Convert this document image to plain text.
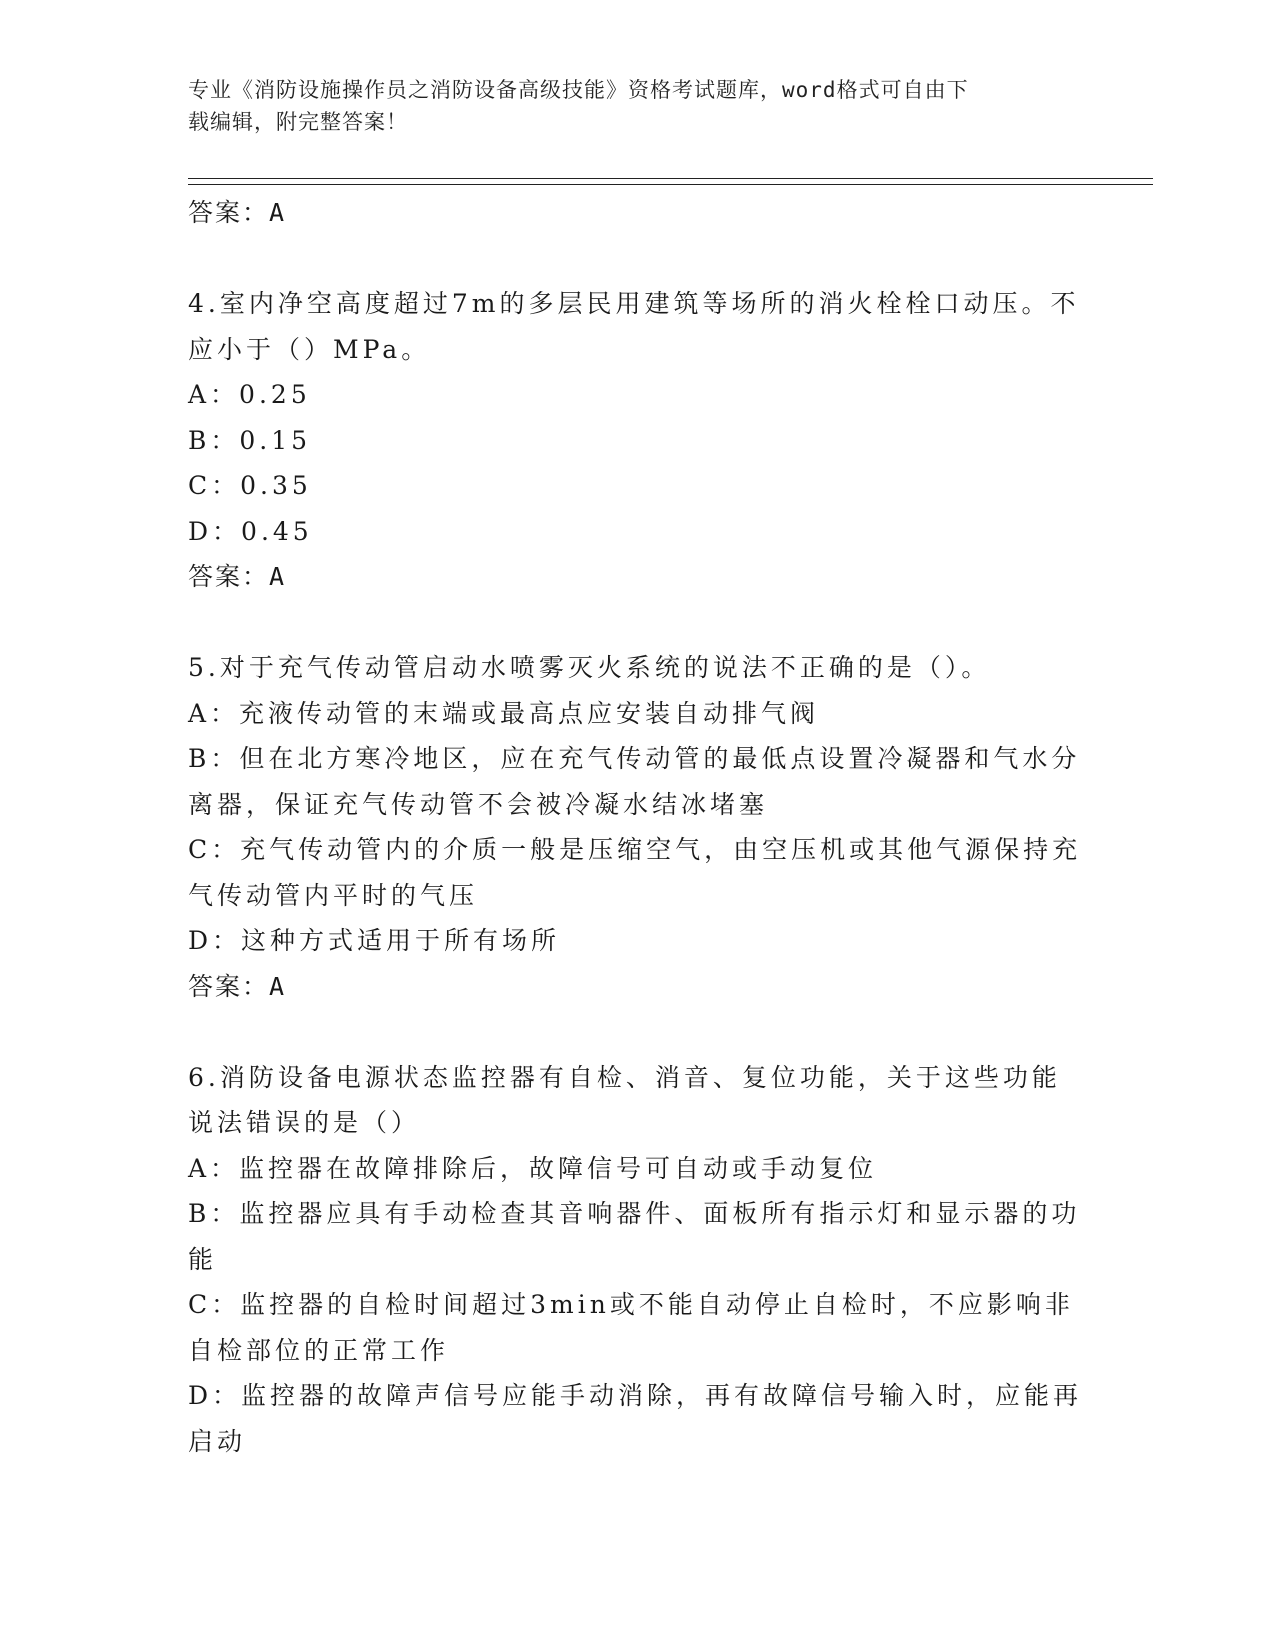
专业《消防设施操作员之消防设备高级技能》资格考试题库，word格式可自由下
载编辑，附完整答案！
答案：A
4.室内净空高度超过7m的多层民用建筑等场所的消火栓栓口动压。不
应小于（）MPa。
A：0.25
B：0.15
C：0.35
D：0.45
答案：A
5.对于充气传动管启动水喷雾灭火系统的说法不正确的是（）。
A：充液传动管的末端或最高点应安装自动排气阀
B：但在北方寒冷地区，应在充气传动管的最低点设置冷凝器和气水分
离器，保证充气传动管不会被冷凝水结冰堵塞
C：充气传动管内的介质一般是压缩空气，由空压机或其他气源保持充
气传动管内平时的气压
D：这种方式适用于所有场所
答案：A
6.消防设备电源状态监控器有自检、消音、复位功能，关于这些功能
说法错误的是（）
A：监控器在故障排除后，故障信号可自动或手动复位
B：监控器应具有手动检查其音响器件、面板所有指示灯和显示器的功
能
C：监控器的自检时间超过3min或不能自动停止自检时，不应影响非
自检部位的正常工作
D：监控器的故障声信号应能手动消除，再有故障信号输入时，应能再
启动
